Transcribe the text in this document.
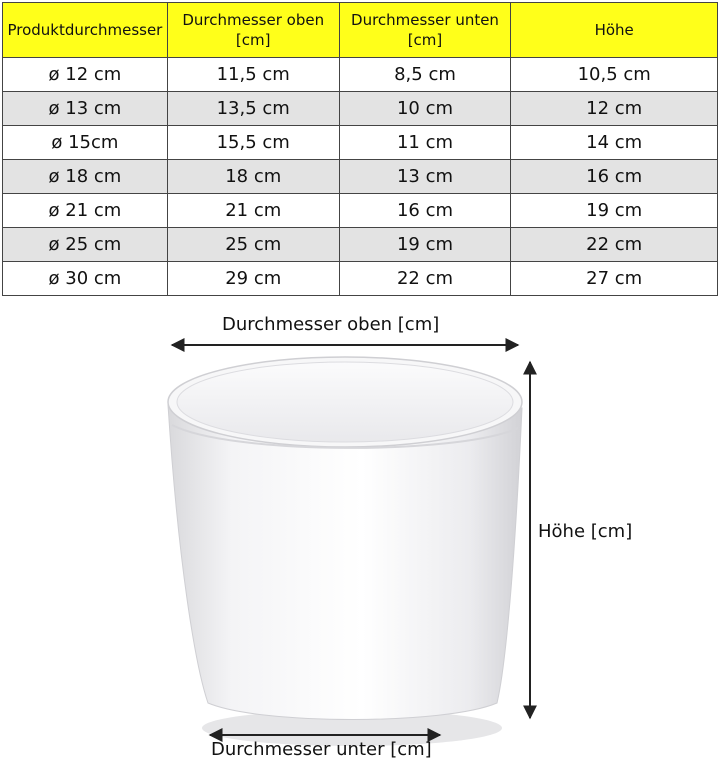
Produktdurchmesser	Durchmesser oben [cm]	Durchmesser unten [cm]	Höhe
ø 12 cm	11,5 cm	8,5 cm	10,5 cm
ø 13 cm	13,5 cm	10 cm	12 cm
ø 15cm	15,5 cm	11 cm	14 cm
ø 18 cm	18 cm	13 cm	16 cm
ø 21 cm	21 cm	16 cm	19 cm
ø 25 cm	25 cm	19 cm	22 cm
ø 30 cm	29 cm	22 cm	27 cm
Durchmesser oben [cm]
Höhe [cm]
Durchmesser unter [cm]
